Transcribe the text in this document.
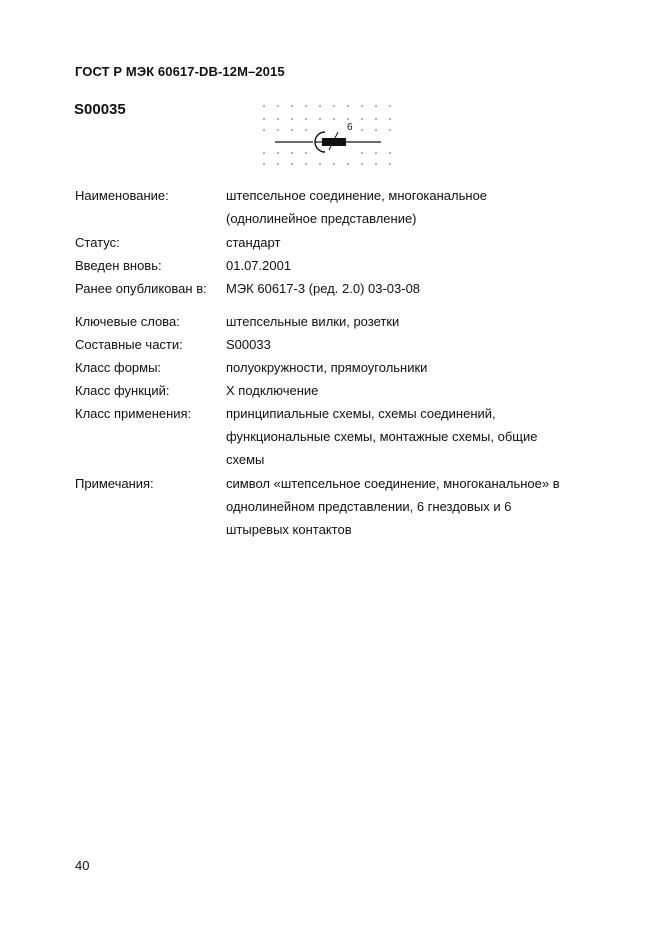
ГОСТ Р МЭК 60617-DB-12M–2015
S00035
6
Наименование:	штепсельное соединение, многоканальное
(однолинейное представление)
Статус:	стандарт
Введен вновь:	01.07.2001
Ранее опубликован в: МЭК 60617-3 (ред. 2.0) 03-03-08
Ключевые слова:	штепсельные вилки, розетки
Составные части:	S00033
Класс формы:	полуокружности, прямоугольники
Класс функций:	X подключение
Класс применения:	принципиальные схемы, схемы соединений,
функциональные схемы, монтажные схемы, общие
схемы
Примечания:	символ «штепсельное соединение, многоканальное» в
однолинейном представлении, 6 гнездовых и 6
штыревых контактов
40
